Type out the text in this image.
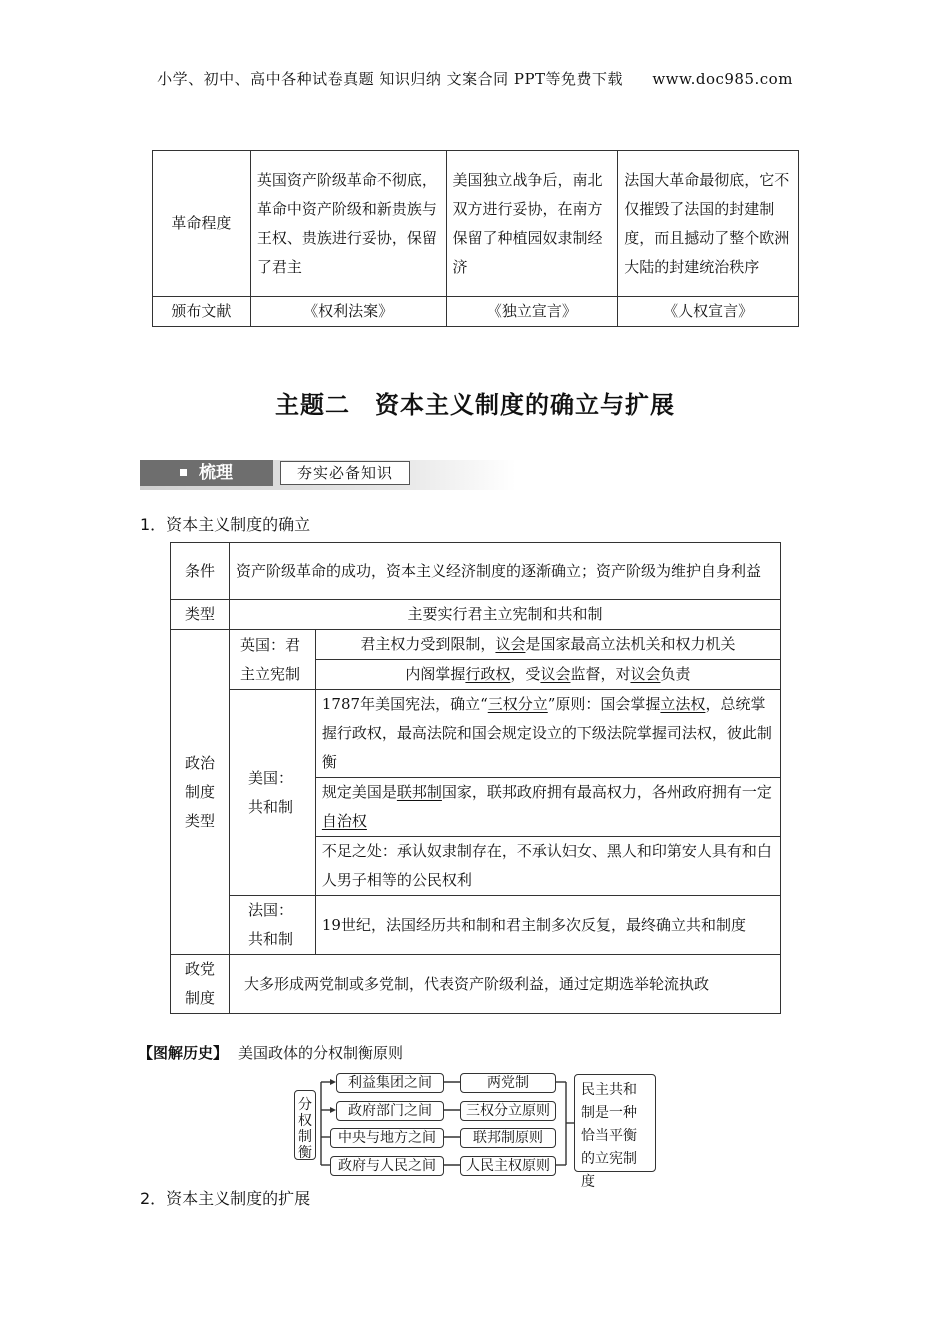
小学、初中、高中各种试卷真题 知识归纳 文案合同 PPT等免费下载 www.doc985.com
革命程度	英国资产阶级革命不彻底，革命中资产阶级和新贵族与王权、贵族进行妥协，保留了君主	美国独立战争后，南北双方进行妥协，在南方保留了种植园奴隶制经济	法国大革命最彻底，它不仅摧毁了法国的封建制度，而且撼动了整个欧洲大陆的封建统治秩序
颁布文献	《权利法案》	《独立宣言》	《人权宣言》
主题二　资本主义制度的确立与扩展
梳理	夯实必备知识
1．资本主义制度的确立
条件	资产阶级革命的成功，资本主义经济制度的逐渐确立；资产阶级为维护自身利益	
类型	主要实行君主立宪制和共和制	
政治制度类型	英国：君主立宪制	君主权力受到限制，议会是国家最高立法机关和权力机关
		内阁掌握行政权，受议会监督，对议会负责
	美国：共和制	1787年美国宪法，确立“三权分立”原则：国会掌握立法权，总统掌握行政权，最高法院和国会规定设立的下级法院掌握司法权，彼此制衡
		规定美国是联邦制国家，联邦政府拥有最高权力，各州政府拥有一定自治权
		不足之处：承认奴隶制存在，不承认妇女、黑人和印第安人具有和白人男子相等的公民权利
	法国：共和制	19世纪，法国经历共和制和君主制多次反复，最终确立共和制度

政党制度	大多形成两党制或多党制，代表资产阶级利益，通过定期选举轮流执政	
【图解历史】 美国政体的分权制衡原则
分权制衡
利益集团之间
政府部门之间
中央与地方之间
政府与人民之间
两党制
三权分立原则
联邦制原则
人民主权原则
民主共和制是一种恰当平衡的立宪制度
2．资本主义制度的扩展
